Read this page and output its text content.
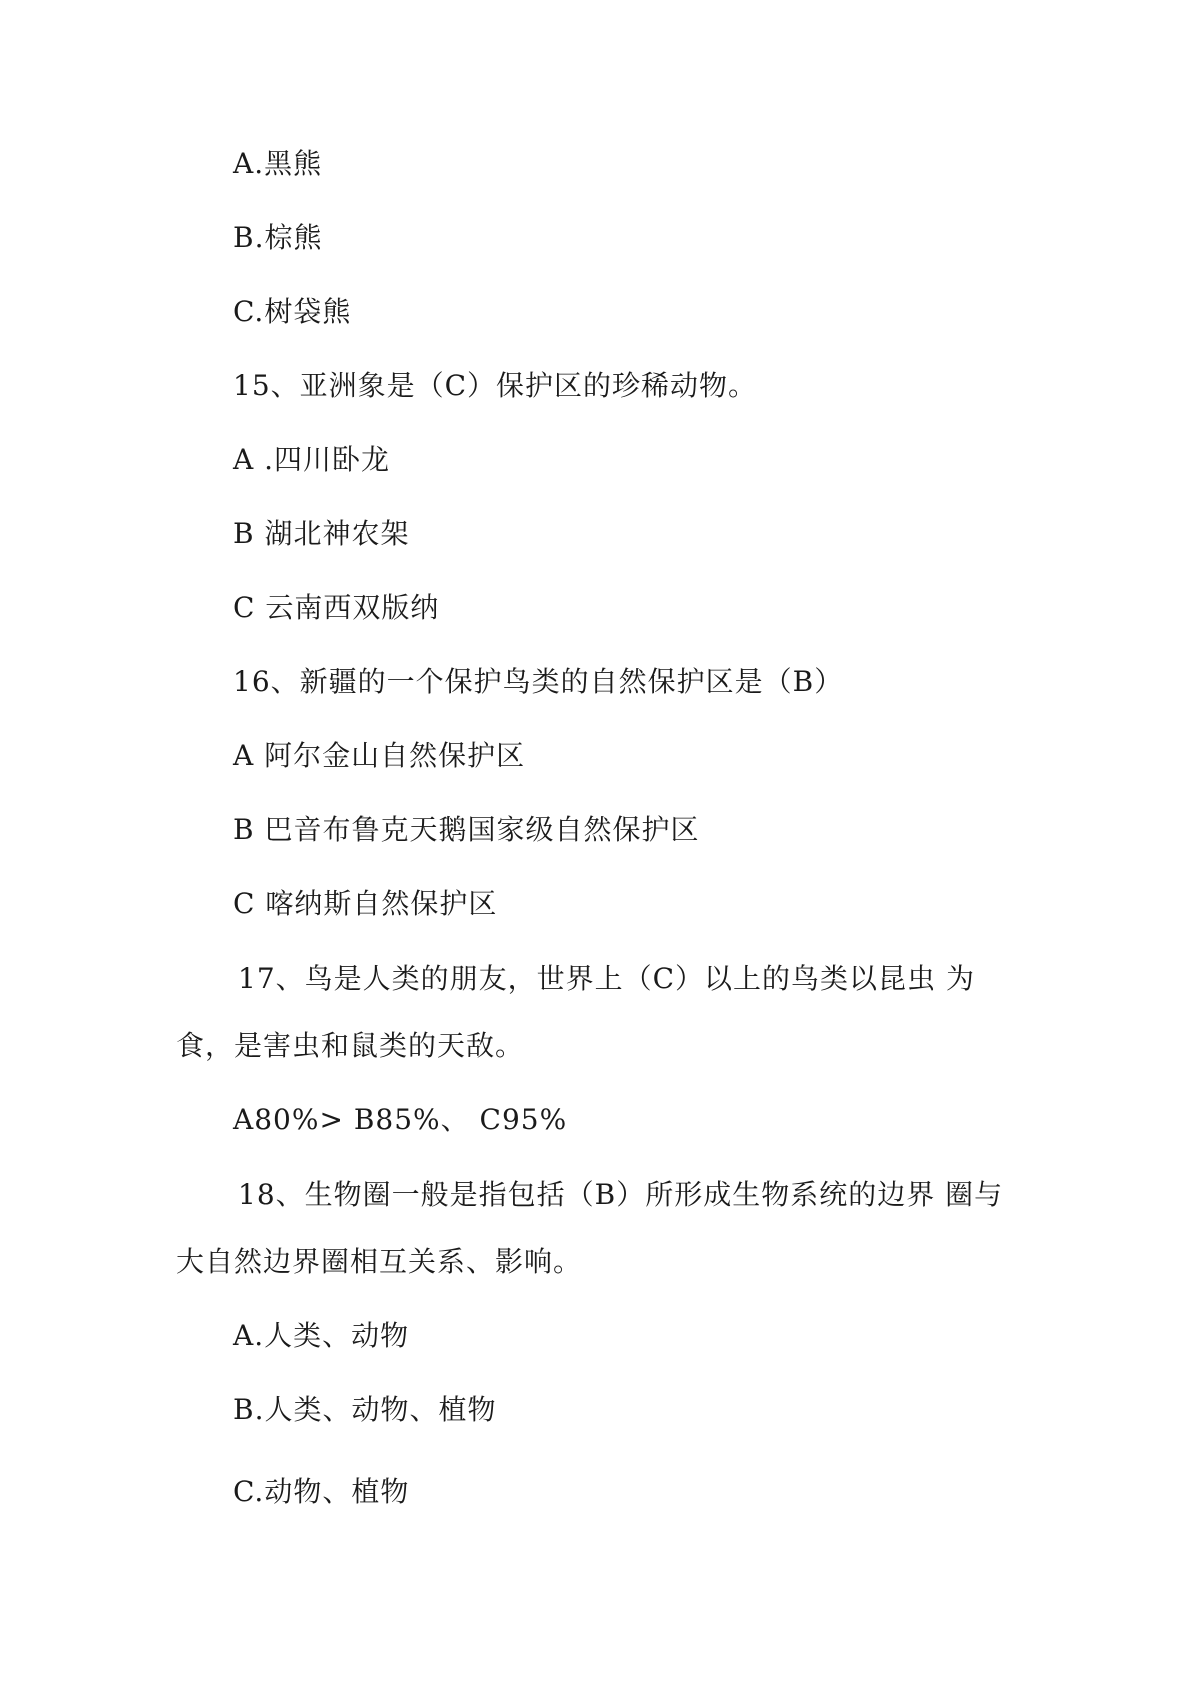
A.黑熊
B.棕熊
C.树袋熊
15、亚洲象是（C）保护区的珍稀动物。
A .四川卧龙
B 湖北神农架
C 云南西双版纳
16、新疆的一个保护鸟类的自然保护区是（B）
A 阿尔金山自然保护区
B 巴音布鲁克天鹅国家级自然保护区
C 喀纳斯自然保护区
17、鸟是人类的朋友，世界上（C）以上的鸟类以昆虫 为
食，是害虫和鼠类的天敌。
A80%> B85%、 C95%
18、生物圈一般是指包括（B）所形成生物系统的边界 圈与
大自然边界圈相互关系、影响。
A.人类、动物
B.人类、动物、植物
C.动物、植物
